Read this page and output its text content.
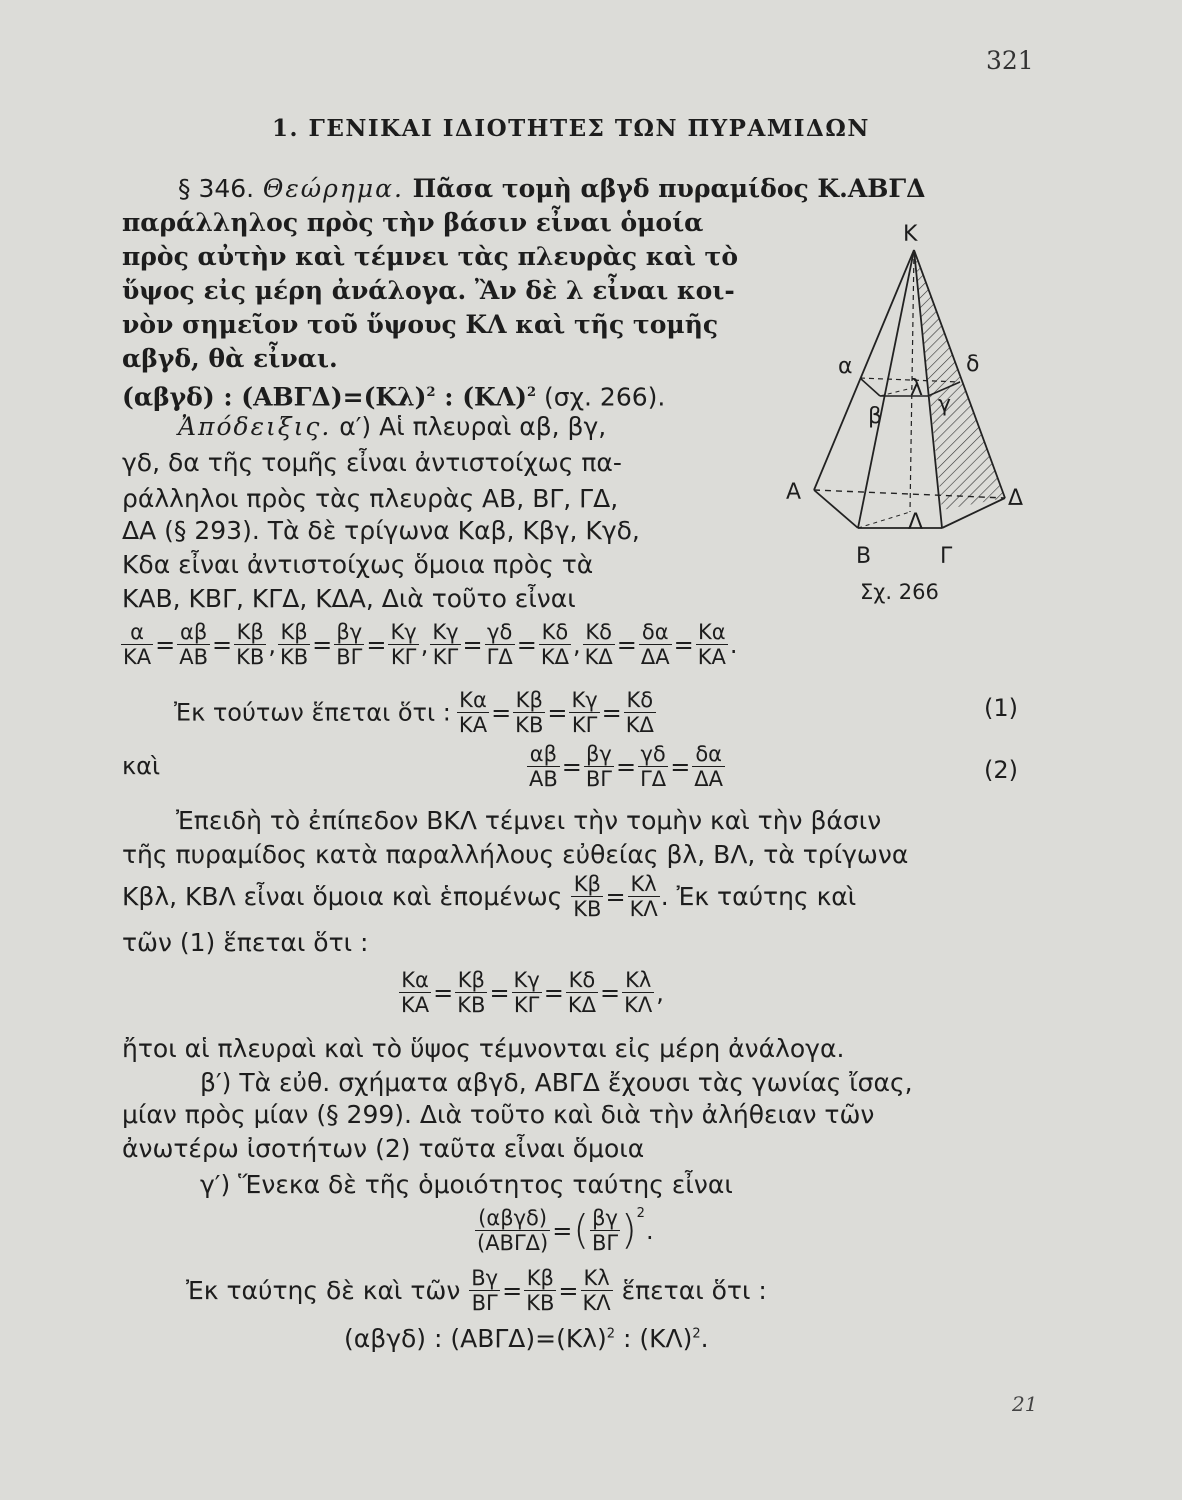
321
21
1. ΓΕΝΙΚΑΙ ΙΔΙΟΤΗΤΕΣ ΤΩΝ ΠΥΡΑΜΙΔΩΝ
§ 346. Θεώρημα. Πᾶσα τομὴ αβγδ πυραμίδος Κ.ΑΒΓΔ
παράλληλος πρὸς τὴν βάσιν εἶναι ὁμοία
πρὸς αὐτὴν καὶ τέμνει τὰς πλευρὰς καὶ τὸ
ὕψος εἰς μέρη ἀνάλογα. Ἂν δὲ λ εἶναι κοι-
νὸν σημεῖον τοῦ ὕψους ΚΛ καὶ τῆς τομῆς
αβγδ, θὰ εἶναι.
(αβγδ) : $(AB\Gamma\Delta)=(K\lambda)^2$ : $(K\Lambda)^2$ (σχ. 266).
Ἀπόδειξις. α′) Αἱ πλευραὶ αβ, βγ,
γδ, δα τῆς τομῆς εἶναι ἀντιστοίχως πα-
ράλληλοι πρὸς τὰς πλευρὰς ΑΒ, ΒΓ, ΓΔ,
ΔΑ (§ 293). Τὰ δὲ τρίγωνα Καβ, Κβγ, Κγδ,
Κδα εἶναι ἀντιστοίχως ὅμοια πρὸς τὰ
ΚΑΒ, ΚΒΓ, ΚΓΔ, ΚΔΑ, Διὰ τοῦτο εἶναι
$\frac{\alpha}{KA} = \frac{\alpha\beta}{AB} = \frac{K\beta}{KB}$ , $\frac{K\beta}{KB} = \frac{\beta\gamma}{B\Gamma} = \frac{K\gamma}{K\Gamma}$ , $\frac{K\gamma}{K\Gamma} = \frac{\gamma\delta}{\Gamma\Delta} = \frac{K\delta}{K\Delta}$ , $\frac{K\delta}{K\Delta} = \frac{\delta\alpha}{\Delta A} = \frac{K\alpha}{KA}$ .
Ἐκ τούτων ἕπεται ὅτι : $\frac{K\alpha}{KA} = \frac{K\beta}{KB} = \frac{K\gamma}{K\Gamma} = \frac{K\delta}{K\Delta}$	(1)
καὶ	$\frac{\alpha\beta}{AB} = \frac{\beta\gamma}{B\Gamma} = \frac{\gamma\delta}{\Gamma\Delta} = \frac{\delta\alpha}{\Delta A}$	(2)
Ἐπειδὴ τὸ ἐπίπεδον ΒΚΛ τέμνει τὴν τομὴν καὶ τὴν βάσιν
τῆς πυραμίδος κατὰ παραλλήλους εὐθείας βλ, ΒΛ, τὰ τρίγωνα
Κβλ, ΚΒΛ εἶναι ὅμοια καὶ ἑπομένως $\frac{K\beta}{KB} = \frac{K\lambda}{K\Lambda}$ . Ἐκ ταύτης καὶ
τῶν (1) ἕπεται ὅτι :
$\frac{K\alpha}{KA} = \frac{K\beta}{KB} = \frac{K\gamma}{K\Gamma} = \frac{K\delta}{K\Delta} = \frac{K\lambda}{K\Lambda}$ ,
ἤτοι αἱ πλευραὶ καὶ τὸ ὕψος τέμνονται εἰς μέρη ἀνάλογα.
β′) Τὰ εὐθ. σχήματα αβγδ, ΑΒΓΔ ἔχουσι τὰς γωνίας ἴσας,
μίαν πρὸς μίαν (§ 299). Διὰ τοῦτο καὶ διὰ τὴν ἀλήθειαν τῶν
ἀνωτέρω ἰσοτήτων (2) ταῦτα εἶναι ὅμοια
γ′) Ἕνεκα δὲ τῆς ὁμοιότητος ταύτης εἶναι
$\frac{\text{(αβγδ)}}{\text{(ΑΒΓΔ)}}$ =( $\frac{\beta\gamma}{B\Gamma} )^2$.
Ἐκ ταύτης δὲ καὶ τῶν $\frac{B\gamma}{B\Gamma} = \frac{K\beta}{KB} = \frac{K\lambda}{K\Lambda}$ ἕπεται ὅτι :
(αβγδ) : $(AB\Gamma\Delta)=(K\lambda)^2$ : $(K\Lambda)^2$.
Κ
α
β
δ
γ
λ
Α
Β	Γ
Δ
Λ
Σχ. 266
